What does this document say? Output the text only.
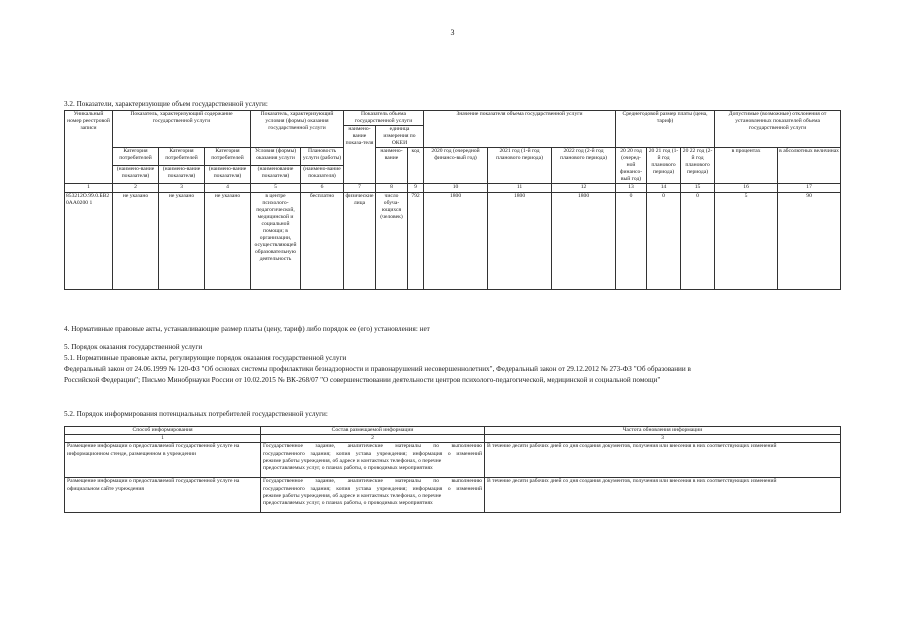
3
3.2. Показатели, характеризующие объем государственной услуги:
Уникальный номер реестровой записи	Показатель, характеризующий содержание государственной услуги			Показатель, характеризующий условия (формы) оказания государственной услуги		Показатель объема государственной услуги			Значение показателя объема государственной услуги			Среднегодовой размер платы (цена, тариф)			Допустимые (возможные) отклонения от установленных показателей объема государственной услуги	
						наимено-вание показа-теля	единица измерения по ОКЕИ									
	Категория потребителей	Категория потребителей	Категория потребителей	Условия (формы) оказания услуги	Плановость услуги (работы)		наимено-вание	код	2020 год (очередной финансо-вый год)	2021 год (1-й год планового периода)	2022 год (2-й год планового периода)	20 20 год (очеред-ной финансо-вый год)	20 21 год (1-й год планового периода)	20 22 год (2-й год планового периода)	в процентах	в абсолютных величинах
	(наимено-вание показателя)	(наимено-вание показателя)	(наимено-вание показателя)	(наименование показателя)	(наимено-вание показателя)											
1	2	3	4	5	6	7	8	9	10	11	12	13	14	15	16	17
853212О.99.0.БВ20АА0200 1	не указано	не указано	не указано	в центре психолого-педагогической, медицинской и социальной помощи; в организации, осуществляющей образовательную деятельность	бесплатно	физические лица	число обуча-ющихся (человек)	792	1800	1800	1800	0	0	0	5	90
4. Нормативные правовые акты, устанавливающие размер платы (цену, тариф) либо порядок ее (его) установления: нет
5. Порядок оказания государственной услуги
5.1. Нормативные правовые акты, регулирующие порядок оказания государственной услуги
Федеральный закон от 24.06.1999 № 120-ФЗ "Об основах системы профилактики безнадзорности и правонарушений несовершеннолетних", Федеральный закон от 29.12.2012 № 273-ФЗ "Об образовании в
Российской Федерации"; Письмо Минобрнауки России от 10.02.2015 № ВК-268/07 "О совершенствовании деятельности центров психолого-педагогической, медицинской и социальной помощи"
5.2. Порядок информирования потенциальных потребителей государственной услуги:
Способ информирования	Состав размещаемой информации	Частота обновления информации
1	2	3
Размещение информации о предоставляемой государственной услуге на информационном стенде, размещенном в учреждении	Государственное задание, аналитические материалы по выполнению
государственного задания; копия устава учреждения; информация о изменений
режиме работы учреждения, об адресе и контактных телефонах, о перечне
предоставляемых услуг, о планах работы, о проводимых мероприятиях	В течение десяти рабочих дней со дня создания документов, получения или внесения в них соответствующих изменений
Размещение информации о предоставляемой государственной услуге на официальном сайте учреждения	Государственное задание, аналитические материалы по выполнению
государственного задания; копия устава учреждения; информация о изменений
режиме работы учреждения, об адресе и контактных телефонах, о перечне
предоставляемых услуг, о планах работы, о проводимых мероприятиях	В течение десяти рабочих дней со дня создания документов, получения или внесения в них соответствующих изменений
